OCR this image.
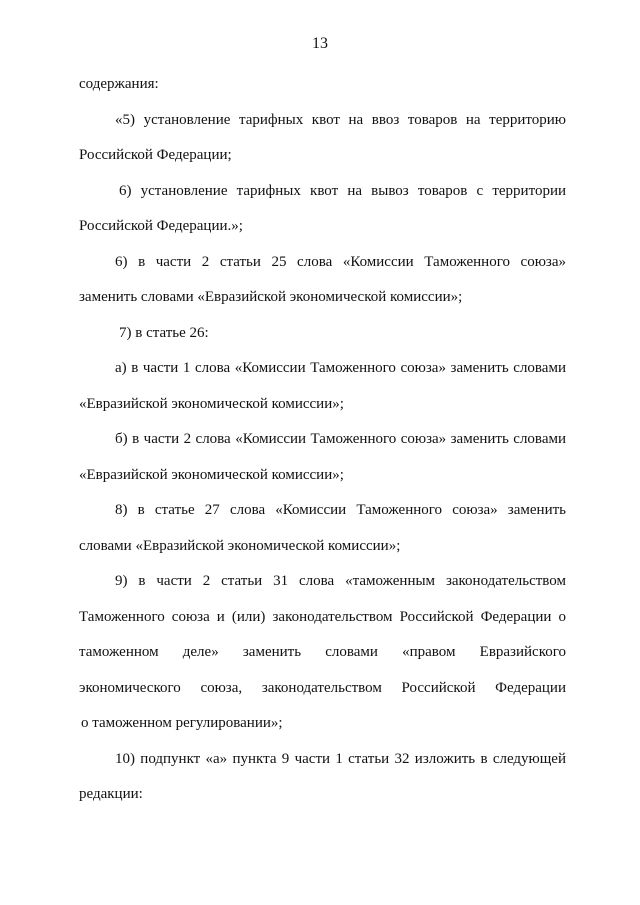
13
содержания:
«5) установление тарифных квот на ввоз товаров на территорию
Российской Федерации;
6) установление тарифных квот на вывоз товаров с территории
Российской Федерации.»;
6) в части 2 статьи 25 слова «Комиссии Таможенного союза»
заменить словами «Евразийской экономической комиссии»;
7) в статье 26:
а) в части 1 слова «Комиссии Таможенного союза» заменить словами
«Евразийской экономической комиссии»;
б) в части 2 слова «Комиссии Таможенного союза» заменить словами
«Евразийской экономической комиссии»;
8) в статье 27 слова «Комиссии Таможенного союза» заменить
словами «Евразийской экономической комиссии»;
9) в части 2 статьи 31 слова «таможенным законодательством
Таможенного союза и (или) законодательством Российской Федерации о
таможенном деле» заменить словами «правом Евразийского
экономического союза, законодательством Российской Федерации
о таможенном регулировании»;
10) подпункт «а» пункта 9 части 1 статьи 32 изложить в следующей
редакции:
